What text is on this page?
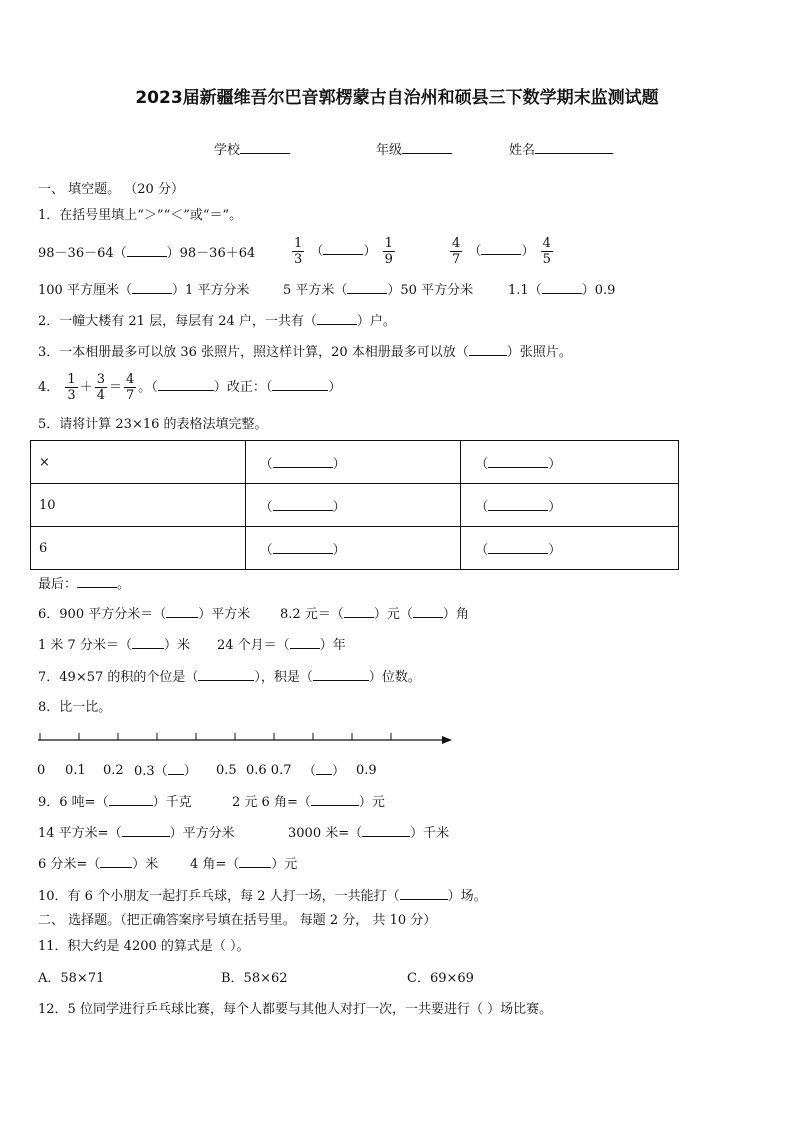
2023届新疆维吾尔巴音郭楞蒙古自治州和硕县三下数学期末监测试题
学校	年级	姓名
一、 填空题。 （20 分）
1．在括号里填上“＞”“＜”或“＝”。
98－36－64（	）98－36＋64	$\frac{1}{3}$ （	） $\frac{1}{9}$	$\frac{4}{7}$ （	） $\frac{4}{5}$
100 平方厘米（	）1 平方分米	5 平方米（	）50 平方分米	1.1（	）0.9
2．一幢大楼有 21 层，每层有 24 户，一共有（	）户。
3．一本相册最多可以放 36 张照片，照这样计算，20 本相册最多可以放（	）张照片。
4． $\frac{1}{3} + \frac{3}{4} = \frac{4}{7}$ 。（	）改正：（	）
5．请将计算 23×16 的表格法填完整。
×	（ ）	（ ）
10	（ ）	（ ）
6	（ ）	（ ）
最后：	。
6．900 平方分米＝（ ）平方米 8.2 元＝（ ）元（ ）角
1 米 7 分米＝（ ）米 24 个月＝（ ）年
7．49×57 的积的个位是（	），积是（	）位数。
8．比一比。
0 0.1 0.2 0.3（ ） 0.5 0.6 0.7 （ ） 0.9
9．6 吨=（	）千克	2 元 6 角=（	）元
14 平方米=（	）平方分米	3000 米=（	）千米
6 分米=（ ）米 4 角=（ ）元
10．有 6 个小朋友一起打乒乓球，每 2 人打一场，一共能打（	）场。
二、 选择题。（把正确答案序号填在括号里。 每题 2 分， 共 10 分）
11．积大约是 4200 的算式是（ ）。
A．58×71	B．58×62	C．69×69
12．5 位同学进行乒乓球比赛，每个人都要与其他人对打一次，一共要进行（ ）场比赛。
